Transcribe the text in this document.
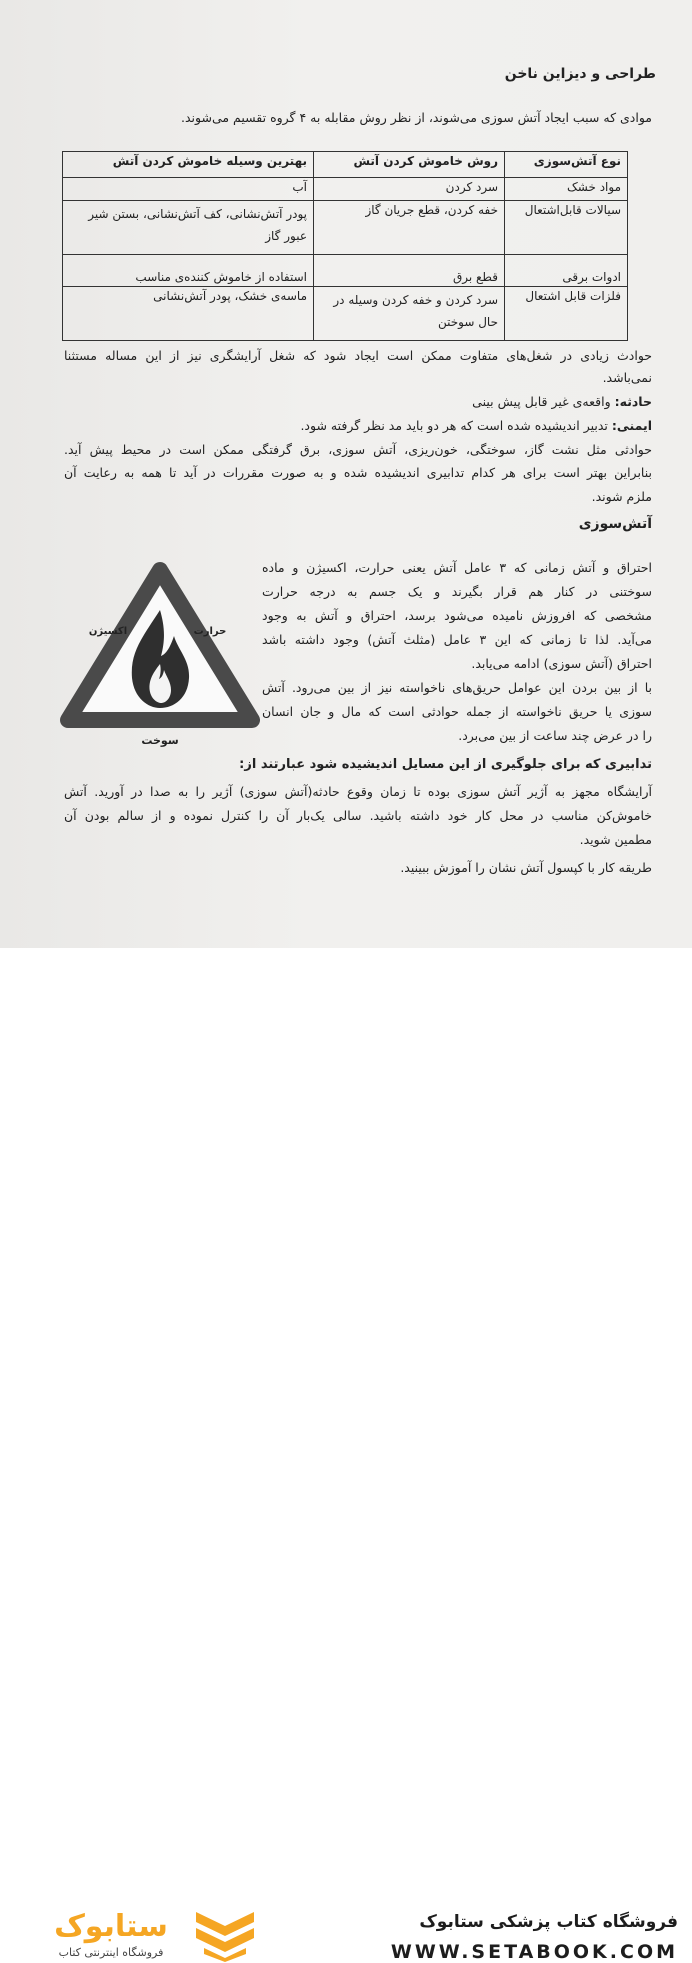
طراحی و دیزاین ناخن
موادی که سبب ایجاد آتش سوزی می‌شوند، از نظر روش مقابله به ۴ گروه تقسیم می‌شوند.
نوع آتش‌سوزی	روش خاموش کردن آتش	بهترین وسیله خاموش کردن آتش
مواد خشک	سرد کردن	آب
سیالات قابل‌اشتعال	خفه کردن، قطع جریان گاز	پودر آتش‌نشانی، کف آتش‌نشانی، بستن شیر عبور گاز
ادوات برقی	قطع برق	استفاده از خاموش کننده‌ی مناسب
فلزات قابل اشتعال	سرد کردن و خفه کردن وسیله در حال سوختن	ماسه‌ی خشک، پودر آتش‌نشانی
حوادث زیادی در شغل‌های متفاوت ممکن است ایجاد شود که شغل آرایشگری نیز از این مساله مستثنا
نمی‌باشد.
حادثه: واقعه‌ی غیر قابل پیش بینی
ایمنی: تدبیر اندیشیده شده است که هر دو باید مد نظر گرفته شود.
حوادثی مثل نشت گاز، سوختگی، خون‌ریزی، آتش سوزی، برق گرفتگی ممکن است در محیط پیش آید.
بنابراین بهتر است برای هر کدام تدابیری اندیشیده شده و به صورت مقررات در آید تا همه به رعایت آن
ملزم شوند.
آتش‌سوزی
احتراق و آتش زمانی که ۳ عامل آتش یعنی حرارت، اکسیژن و ماده
سوختنی در کنار هم قرار بگیرند و یک جسم به درجه حرارت
مشخصی که افروزش نامیده می‌شود برسد، احتراق و آتش به وجود
می‌آید. لذا تا زمانی که این ۳ عامل (مثلث آتش) وجود داشته باشد
احتراق (آتش سوزی) ادامه می‌یابد.
با از بین بردن این عوامل حریق‌های ناخواسته نیز از بین می‌رود. آتش
سوزی یا حریق ناخواسته از جمله حوادثی است که مال و جان انسان
را در عرض چند ساعت از بین می‌برد.
حرارت
اکسیژن
سوخت
تدابیری که برای جلوگیری از این مسایل اندیشیده شود عبارتند از:
آرایشگاه مجهز به آژیر آتش سوزی بوده تا زمان وقوع حادثه(آتش سوزی) آژیر را به صدا در آورید. آتش
خاموش‌کن مناسب در محل کار خود داشته باشید. سالی یک‌بار آن را کنترل نموده و از سالم بودن آن
مطمین شوید.
طریقه کار با کپسول آتش نشان را آموزش ببینید.
ستابوک
فروشگاه اینترنتی کتاب
فروشگاه کتاب پزشکی ستابوک
WWW.SETABOOK.COM
